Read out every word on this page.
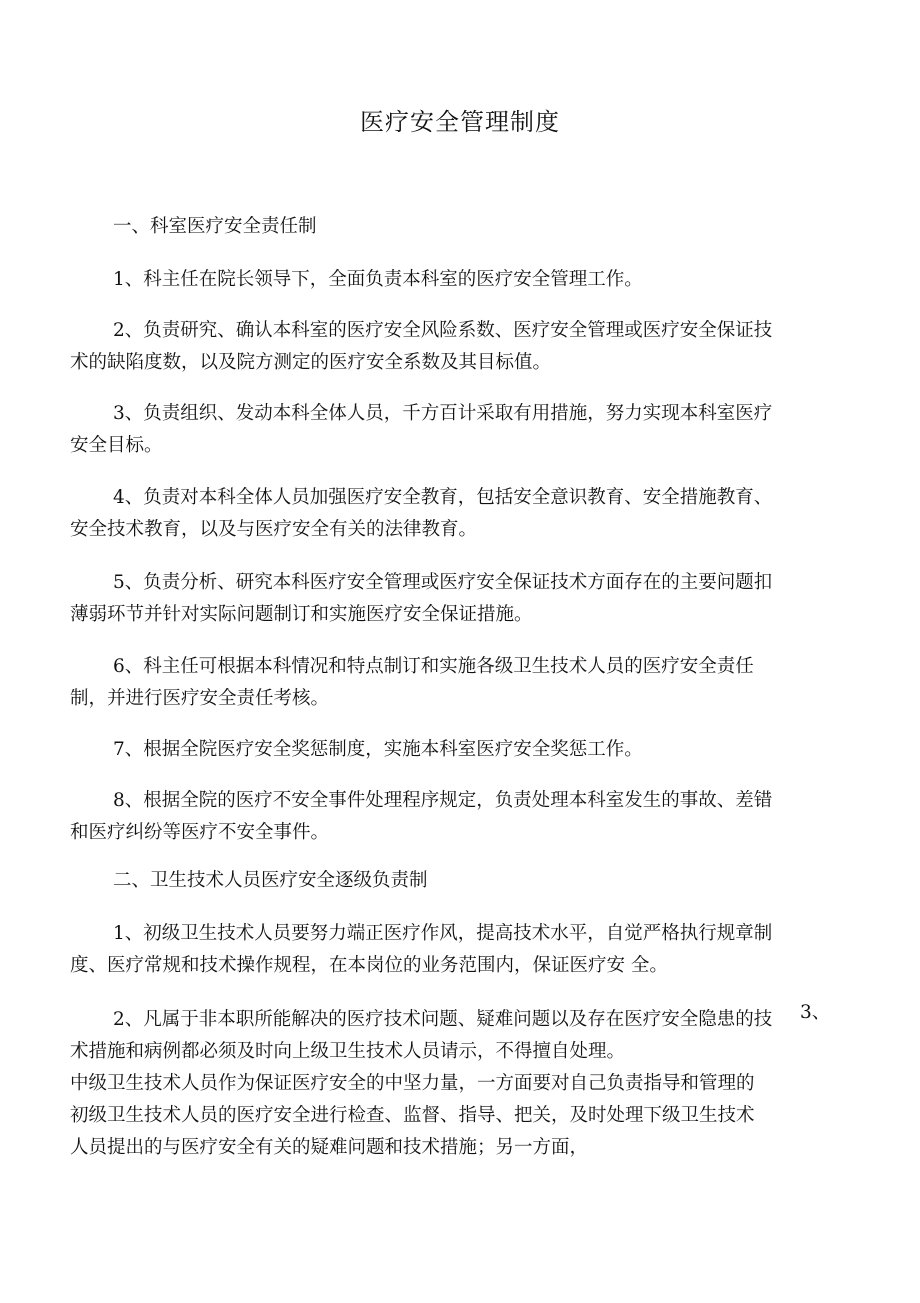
医疗安全管理制度
一、科室医疗安全责任制

1、科主任在院长领导下，全面负责本科室的医疗安全管理工作。

2、负责研究、确认本科室的医疗安全风险系数、医疗安全管理或医疗安全保证技术的缺陷度数，以及院方测定的医疗安全系数及其目标值。

3、负责组织、发动本科全体人员，千方百计采取有用措施，努力实现本科室医疗安全目标。

4、负责对本科全体人员加强医疗安全教育，包括安全意识教育、安全措施教育、安全技术教育，以及与医疗安全有关的法律教育。

5、负责分析、研究本科医疗安全管理或医疗安全保证技术方面存在的主要问题扣薄弱环节并针对实际问题制订和实施医疗安全保证措施。

6、科主任可根据本科情况和特点制订和实施各级卫生技术人员的医疗安全责任制，并进行医疗安全责任考核。

7、根据全院医疗安全奖惩制度，实施本科室医疗安全奖惩工作。

8、根据全院的医疗不安全事件处理程序规定，负责处理本科室发生的事故、差错和医疗纠纷等医疗不安全事件。

二、卫生技术人员医疗安全逐级负责制

1、初级卫生技术人员要努力端正医疗作风，提高技术水平，自觉严格执行规章制度、医疗常规和技术操作规程，在本岗位的业务范围内，保证医疗安 全。

2、凡属于非本职所能解决的医疗技术问题、疑难问题以及存在医疗安全隐患的技术措施和病例都必须及时向上级卫生技术人员请示，不得擅自处理。

3、

中级卫生技术人员作为保证医疗安全的中坚力量，一方面要对自己负责指导和管理的初级卫生技术人员的医疗安全进行检查、监督、指导、把关，及时处理下级卫生技术人员提出的与医疗安全有关的疑难问题和技术措施；另一方面，
